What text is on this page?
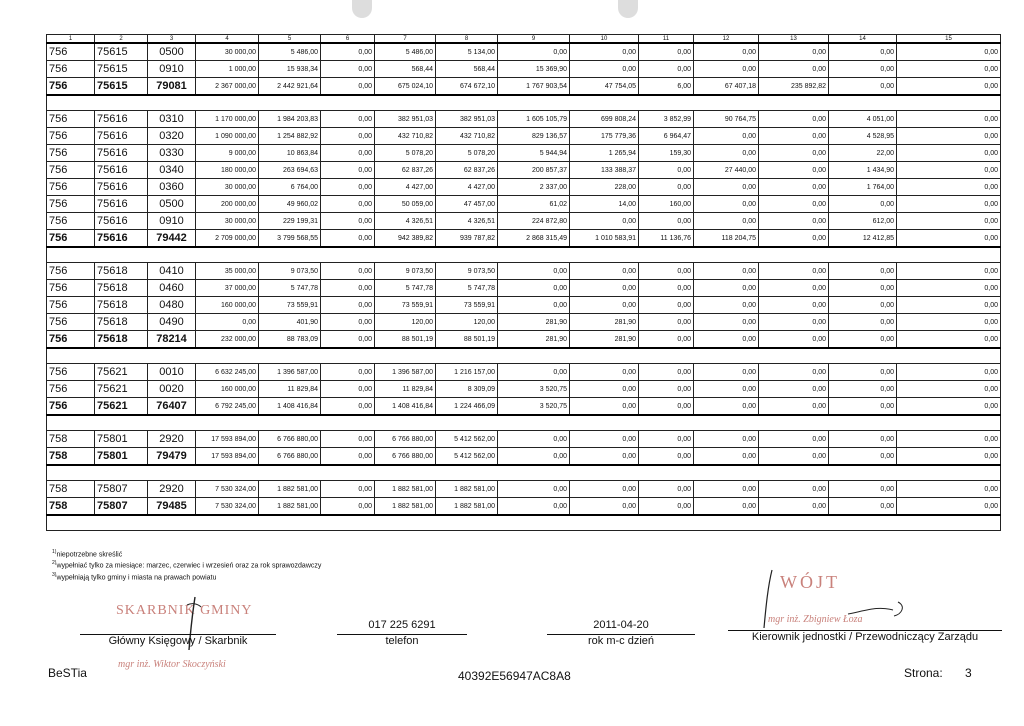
1	2	3	4	5	6	7	8	9	10	11	12	13	14	15
756	75615	0500	30 000,00	5 486,00	0,00	5 486,00	5 134,00	0,00	0,00	0,00	0,00	0,00	0,00	0,00
756	75615	0910	1 000,00	15 938,34	0,00	568,44	568,44	15 369,90	0,00	0,00	0,00	0,00	0,00	0,00
756	75615	79081	2 367 000,00	2 442 921,64	0,00	675 024,10	674 672,10	1 767 903,54	47 754,05	6,00	67 407,18	235 892,82	0,00	0,00

756	75616	0310	1 170 000,00	1 984 203,83	0,00	382 951,03	382 951,03	1 605 105,79	699 808,24	3 852,99	90 764,75	0,00	4 051,00	0,00
756	75616	0320	1 090 000,00	1 254 882,92	0,00	432 710,82	432 710,82	829 136,57	175 779,36	6 964,47	0,00	0,00	4 528,95	0,00
756	75616	0330	9 000,00	10 863,84	0,00	5 078,20	5 078,20	5 944,94	1 265,94	159,30	0,00	0,00	22,00	0,00
756	75616	0340	180 000,00	263 694,63	0,00	62 837,26	62 837,26	200 857,37	133 388,37	0,00	27 440,00	0,00	1 434,90	0,00
756	75616	0360	30 000,00	6 764,00	0,00	4 427,00	4 427,00	2 337,00	228,00	0,00	0,00	0,00	1 764,00	0,00
756	75616	0500	200 000,00	49 960,02	0,00	50 059,00	47 457,00	61,02	14,00	160,00	0,00	0,00	0,00	0,00
756	75616	0910	30 000,00	229 199,31	0,00	4 326,51	4 326,51	224 872,80	0,00	0,00	0,00	0,00	612,00	0,00
756	75616	79442	2 709 000,00	3 799 568,55	0,00	942 389,82	939 787,82	2 868 315,49	1 010 583,91	11 136,76	118 204,75	0,00	12 412,85	0,00

756	75618	0410	35 000,00	9 073,50	0,00	9 073,50	9 073,50	0,00	0,00	0,00	0,00	0,00	0,00	0,00
756	75618	0460	37 000,00	5 747,78	0,00	5 747,78	5 747,78	0,00	0,00	0,00	0,00	0,00	0,00	0,00
756	75618	0480	160 000,00	73 559,91	0,00	73 559,91	73 559,91	0,00	0,00	0,00	0,00	0,00	0,00	0,00
756	75618	0490	0,00	401,90	0,00	120,00	120,00	281,90	281,90	0,00	0,00	0,00	0,00	0,00
756	75618	78214	232 000,00	88 783,09	0,00	88 501,19	88 501,19	281,90	281,90	0,00	0,00	0,00	0,00	0,00

756	75621	0010	6 632 245,00	1 396 587,00	0,00	1 396 587,00	1 216 157,00	0,00	0,00	0,00	0,00	0,00	0,00	0,00
756	75621	0020	160 000,00	11 829,84	0,00	11 829,84	8 309,09	3 520,75	0,00	0,00	0,00	0,00	0,00	0,00
756	75621	76407	6 792 245,00	1 408 416,84	0,00	1 408 416,84	1 224 466,09	3 520,75	0,00	0,00	0,00	0,00	0,00	0,00

758	75801	2920	17 593 894,00	6 766 880,00	0,00	6 766 880,00	5 412 562,00	0,00	0,00	0,00	0,00	0,00	0,00	0,00
758	75801	79479	17 593 894,00	6 766 880,00	0,00	6 766 880,00	5 412 562,00	0,00	0,00	0,00	0,00	0,00	0,00	0,00

758	75807	2920	7 530 324,00	1 882 581,00	0,00	1 882 581,00	1 882 581,00	0,00	0,00	0,00	0,00	0,00	0,00	0,00
758	75807	79485	7 530 324,00	1 882 581,00	0,00	1 882 581,00	1 882 581,00	0,00	0,00	0,00	0,00	0,00	0,00	0,00

$^{1)}$niepotrzebne skreślić
$^{2)}$wypełniać tylko za miesiące: marzec, czerwiec i wrzesień oraz za rok sprawozdawczy
$^{3)}$wypełniają tylko gminy i miasta na prawach powiatu
SKARBNIK GMINY
Główny Księgowy / Skarbnik
mgr inż. Wiktor Skoczyński
017 225 6291
telefon
2011-04-20
rok m-c dzień
WÓJT
mgr inż. Zbigniew Łoza
Kierownik jednostki / Przewodniczący Zarządu
BeSTia	40392E56947AC8A8	Strona: 3
